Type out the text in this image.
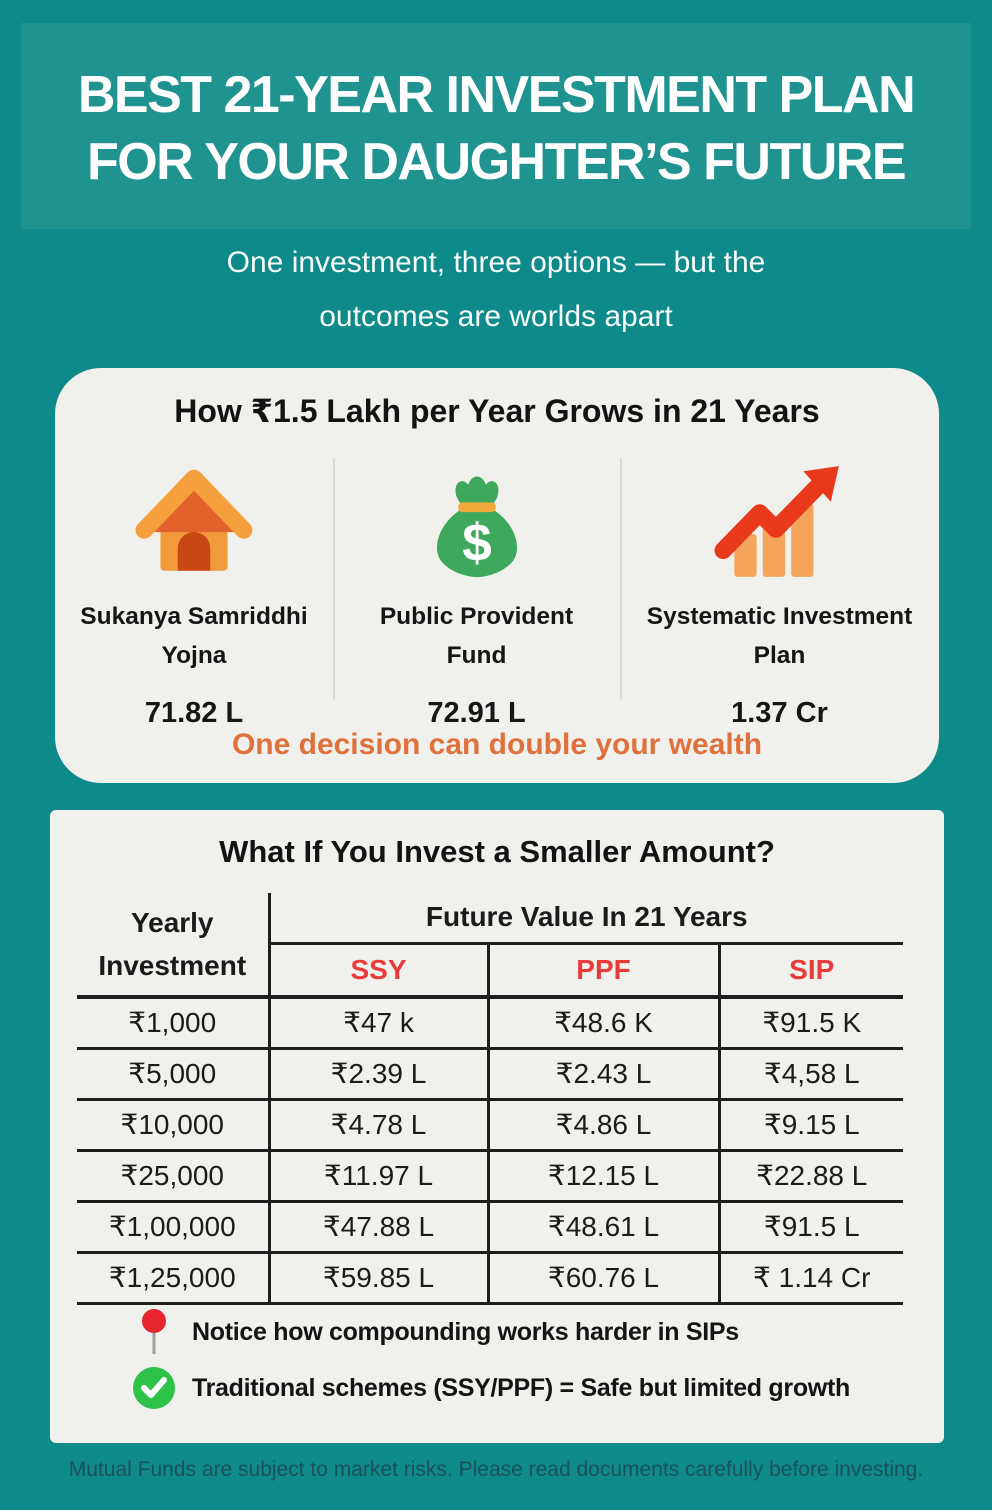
BEST 21-YEAR INVESTMENT PLAN
FOR YOUR DAUGHTER’S FUTURE
One investment, three options — but the
outcomes are worlds apart
How ₹1.5 Lakh per Year Grows in 21 Years
Sukanya Samriddhi
Yojna
71.82 L
$
Public Provident
Fund
72.91 L
Systematic Investment
Plan
1.37 Cr
One decision can double your wealth
What If You Invest a Smaller Amount?
Yearly
Investment	Future Value In 21 Years		
	SSY	PPF	SIP
₹1,000	₹47 k	₹48.6 K	₹91.5 K
₹5,000	₹2.39 L	₹2.43 L	₹4,58 L
₹10,000	₹4.78 L	₹4.86 L	₹9.15 L
₹25,000	₹11.97 L	₹12.15 L	₹22.88 L
₹1,00,000	₹47.88 L	₹48.61 L	₹91.5 L
₹1,25,000	₹59.85 L	₹60.76 L	₹ 1.14 Cr
Notice how compounding works harder in SIPs
Traditional schemes (SSY/PPF) = Safe but limited growth
Mutual Funds are subject to market risks. Please read documents carefully before investing.
